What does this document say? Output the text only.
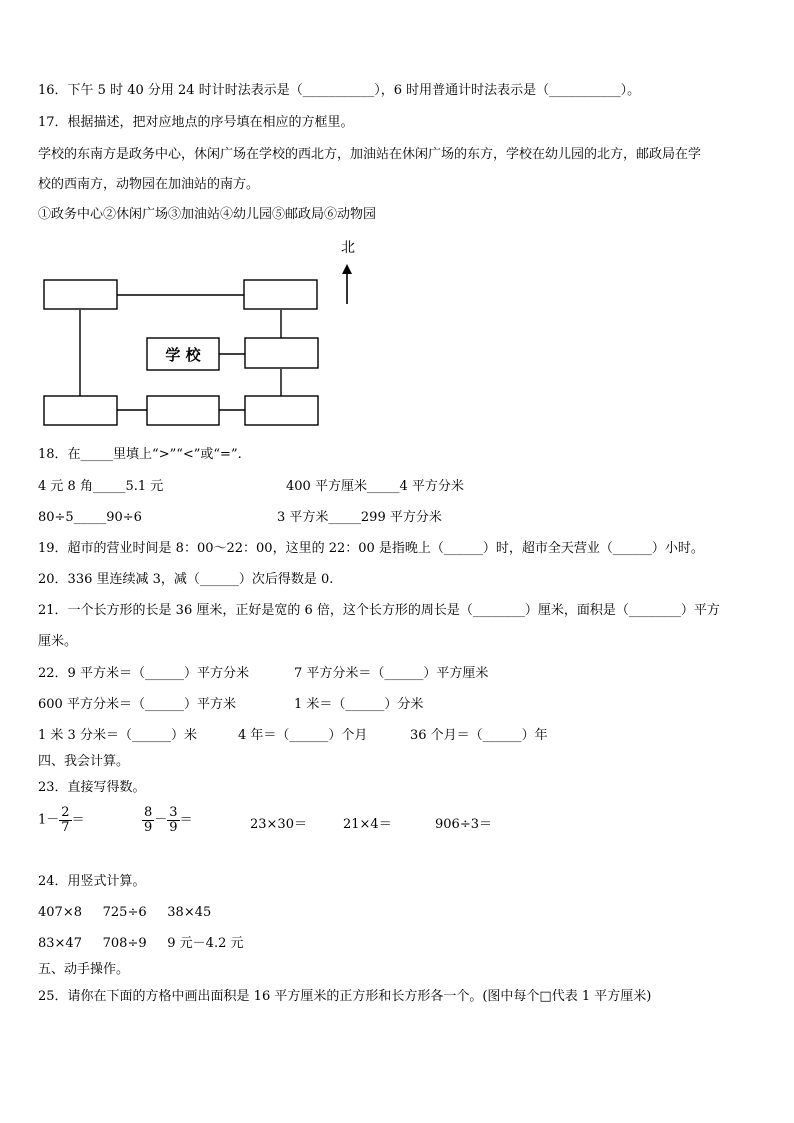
16．下午 5 时 40 分用 24 时计时法表示是（___________），6 时用普通计时法表示是（___________）。
17．根据描述，把对应地点的序号填在相应的方框里。
学校的东南方是政务中心，休闲广场在学校的西北方，加油站在休闲广场的东方，学校在幼儿园的北方，邮政局在学
校的西南方，动物园在加油站的南方。
①政务中心②休闲广场③加油站④幼儿园⑤邮政局⑥动物园
学 校
北
18．在_____里填上“>”“<”或“=”.
4 元 8 角_____5.1 元	400 平方厘米_____4 平方分米
80÷5_____90÷6	3 平方米_____299 平方分米
19．超市的营业时间是 8：00～22：00，这里的 22：00 是指晚上（______）时，超市全天营业（______）小时。
20．336 里连续减 3，减（______）次后得数是 0.
21．一个长方形的长是 36 厘米，正好是宽的 6 倍，这个长方形的周长是（________）厘米，面积是（________）平方
厘米。
22．9 平方米＝（______）平方分米	7 平方分米＝（______）平方厘米
600 平方分米＝（______）平方米	1 米＝（______）分米
1 米 3 分米＝（______）米	4 年＝（______）个月	36 个月＝（______）年
四、我会计算。
23．直接写得数。
$1- \frac{2}{7}$ ＝	$\frac{8}{9} - \frac{3}{9}$ ＝	23×30＝	21×4＝	906÷3＝
24．用竖式计算。
407×8     725÷6     38×45
83×47     708÷9     9 元－4.2 元
五、动手操作。
25．请你在下面的方格中画出面积是 16 平方厘米的正方形和长方形各一个。(图中每个□代表 1 平方厘米)
